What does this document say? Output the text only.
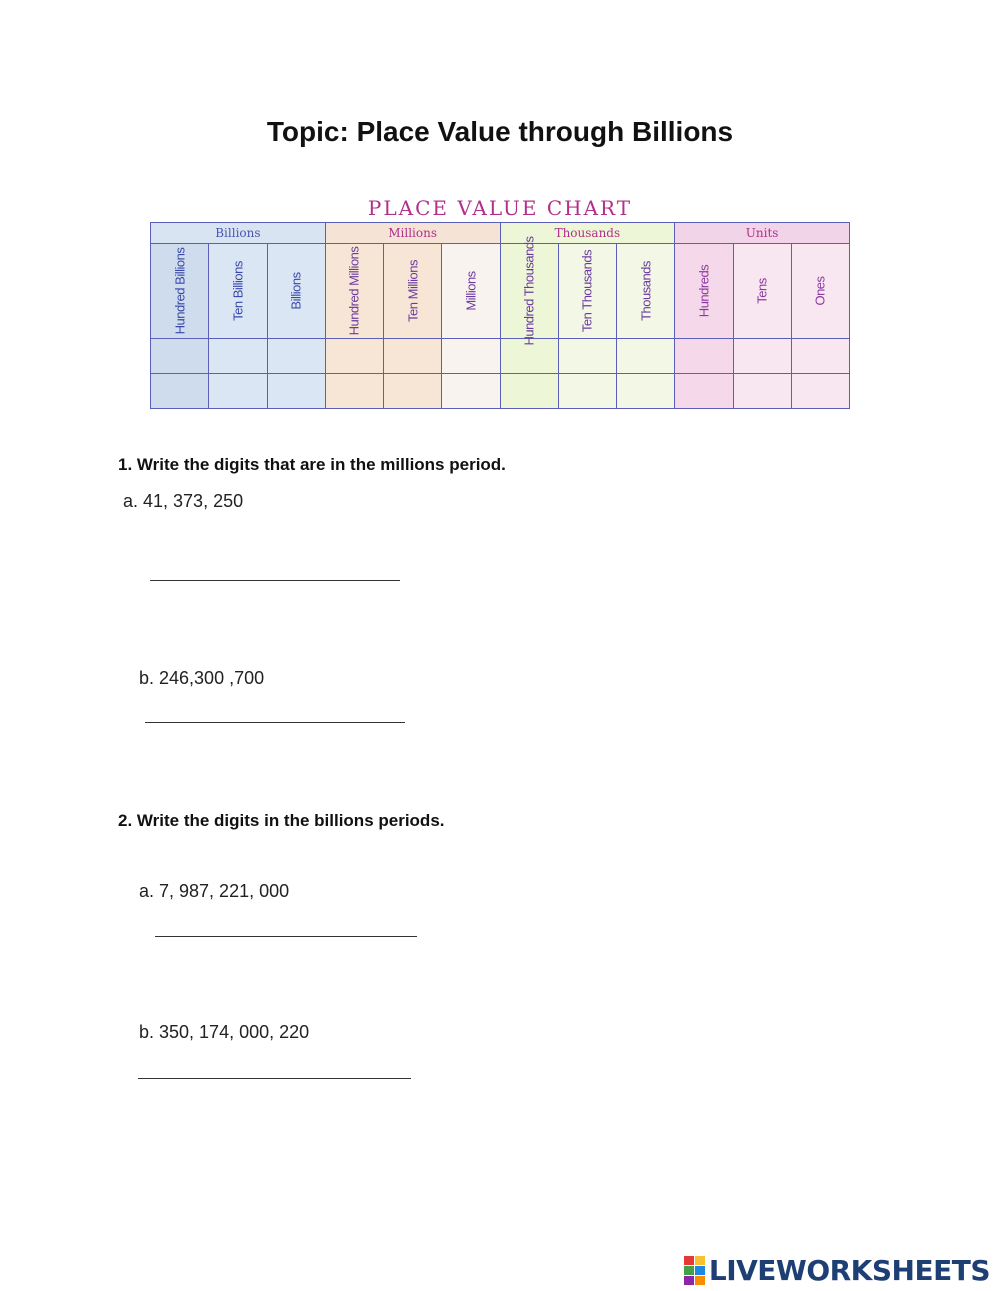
Topic: Place Value through Billions
PLACE VALUE CHART
Billions			Millions			Thousands			Units		

Hundred Billions	Ten Billions	Billions	Hundred Millions	Ten Millions	Millions	Hundred Thousands	Ten Thousands	Thousands	Hundreds	Tens	Ones

1. Write the digits that are in the millions period.
a. 41, 373, 250
b. 246,300 ,700
2. Write the digits in the billions periods.
a. 7, 987, 221, 000
b. 350, 174, 000, 220
LIVEWORKSHEETS
